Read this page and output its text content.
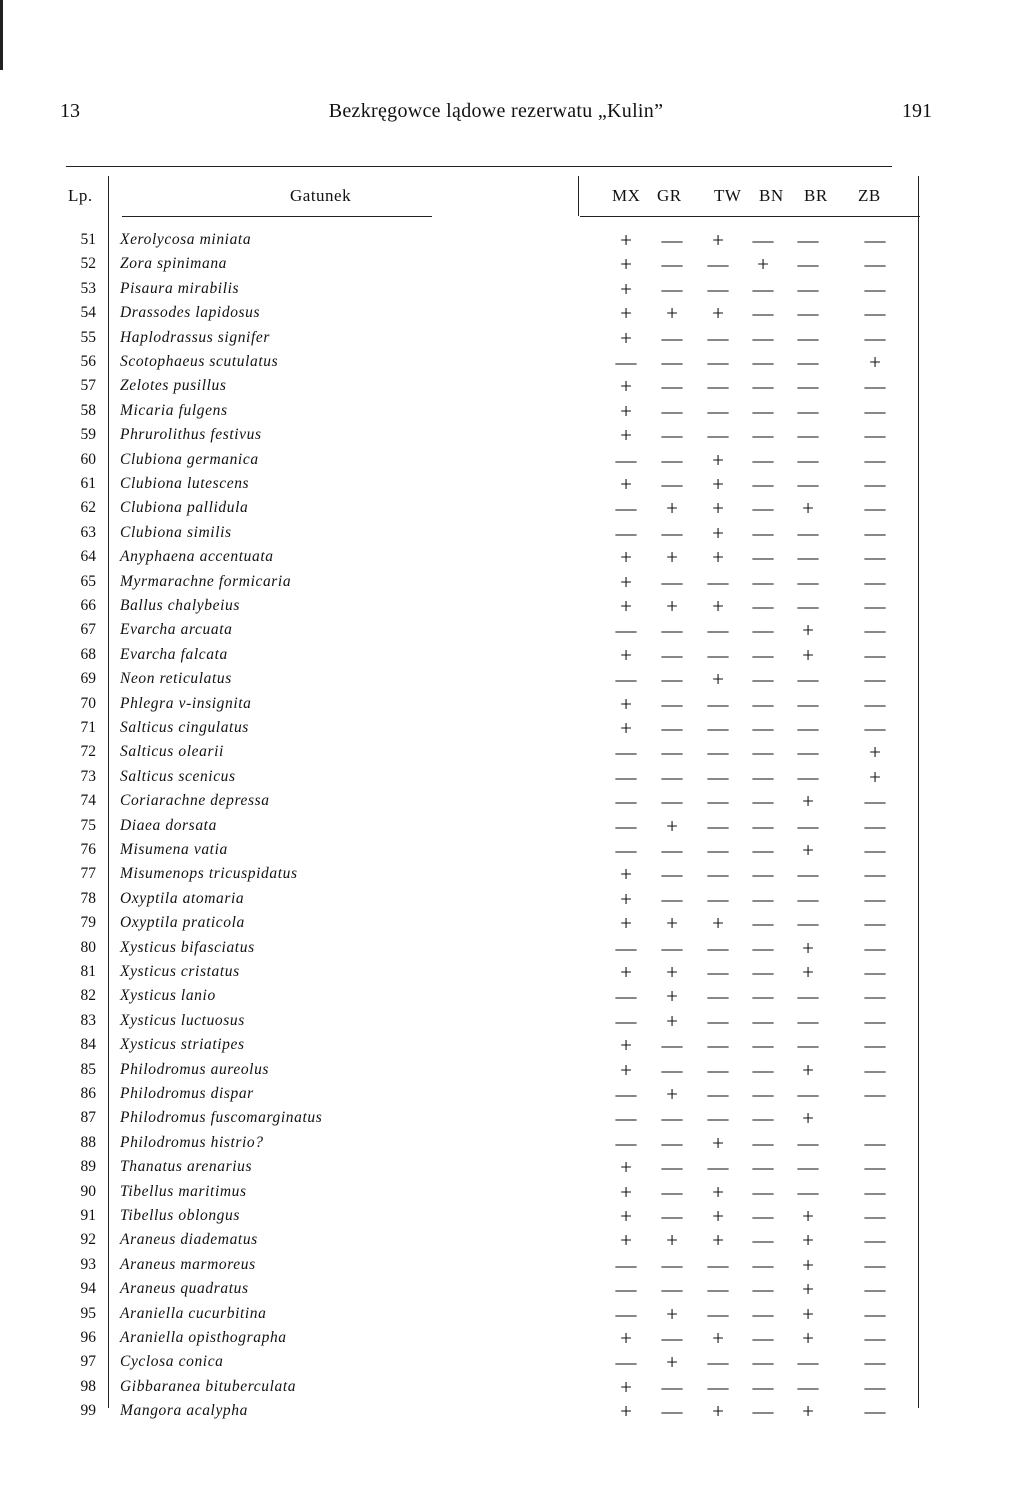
13	Bezkręgowce lądowe rezerwatu „Kulin”	191
Lp.	Gatunek	MX GR TW BN BR ZB
51 Xerolycosa miniata	+	—	+	— — —
52 Zora spinimana	+	— —	+	— —
53 Pisaura mirabilis	+	— — — — —
54 Drassodes lapidosus	+	+	+	— — —
55 Haplodrassus signifer	+	— — — — —
56 Scotophaeus scutulatus	— — — — —	+
57 Zelotes pusillus	+	— — — — —
58 Micaria fulgens	+	— — — — —
59 Phrurolithus festivus	+	— — — — —
60 Clubiona germanica	— —	+	— — —
61 Clubiona lutescens	+	—	+	— — —
62 Clubiona pallidula	—	+	+	—	+	—
63 Clubiona similis	— —	+	— — —
64 Anyphaena accentuata	+	+	+	— — —
65 Myrmarachne formicaria	+	— — — — —
66 Ballus chalybeius	+	+	+	— — —
67 Evarcha arcuata	— — — —	+	—
68 Evarcha falcata	+	— — —	+	—
69 Neon reticulatus	— —	+	— — —
70 Phlegra v-insignita	+	— — — — —
71 Salticus cingulatus	+	— — — — —
72 Salticus olearii	— — — — —	+
73 Salticus scenicus	— — — — —	+
74 Coriarachne depressa	— — — —	+	—
75 Diaea dorsata	—	+	— — — —
76 Misumena vatia	— — — —	+	—
77 Misumenops tricuspidatus	+	— — — — —
78 Oxyptila atomaria	+	— — — — —
79 Oxyptila praticola	+	+	+	— — —
80 Xysticus bifasciatus	— — — —	+	—
81 Xysticus cristatus	+	+	— —	+	—
82 Xysticus lanio	—	+	— — — —
83 Xysticus luctuosus	—	+	— — — —
84 Xysticus striatipes	+	— — — — —
85 Philodromus aureolus	+	— — —	+	—
86 Philodromus dispar	—	+	— — — —
87 Philodromus fuscomarginatus	— — — —	+
88 Philodromus histrio?	— —	+	— — —
89 Thanatus arenarius	+	— — — — —
90 Tibellus maritimus	+	—	+	— — —
91 Tibellus oblongus	+	—	+	—	+	—
92 Araneus diadematus	+	+	+	—	+	—
93 Araneus marmoreus	— — — —	+	—
94 Araneus quadratus	— — — —	+	—
95 Araniella cucurbitina	—	+	— —	+	—
96 Araniella opisthographa	+	—	+	—	+	—
97 Cyclosa conica	—	+	— — — —
98 Gibbaranea bituberculata	+	— — — — —
99 Mangora acalypha	+	—	+	—	+	—
